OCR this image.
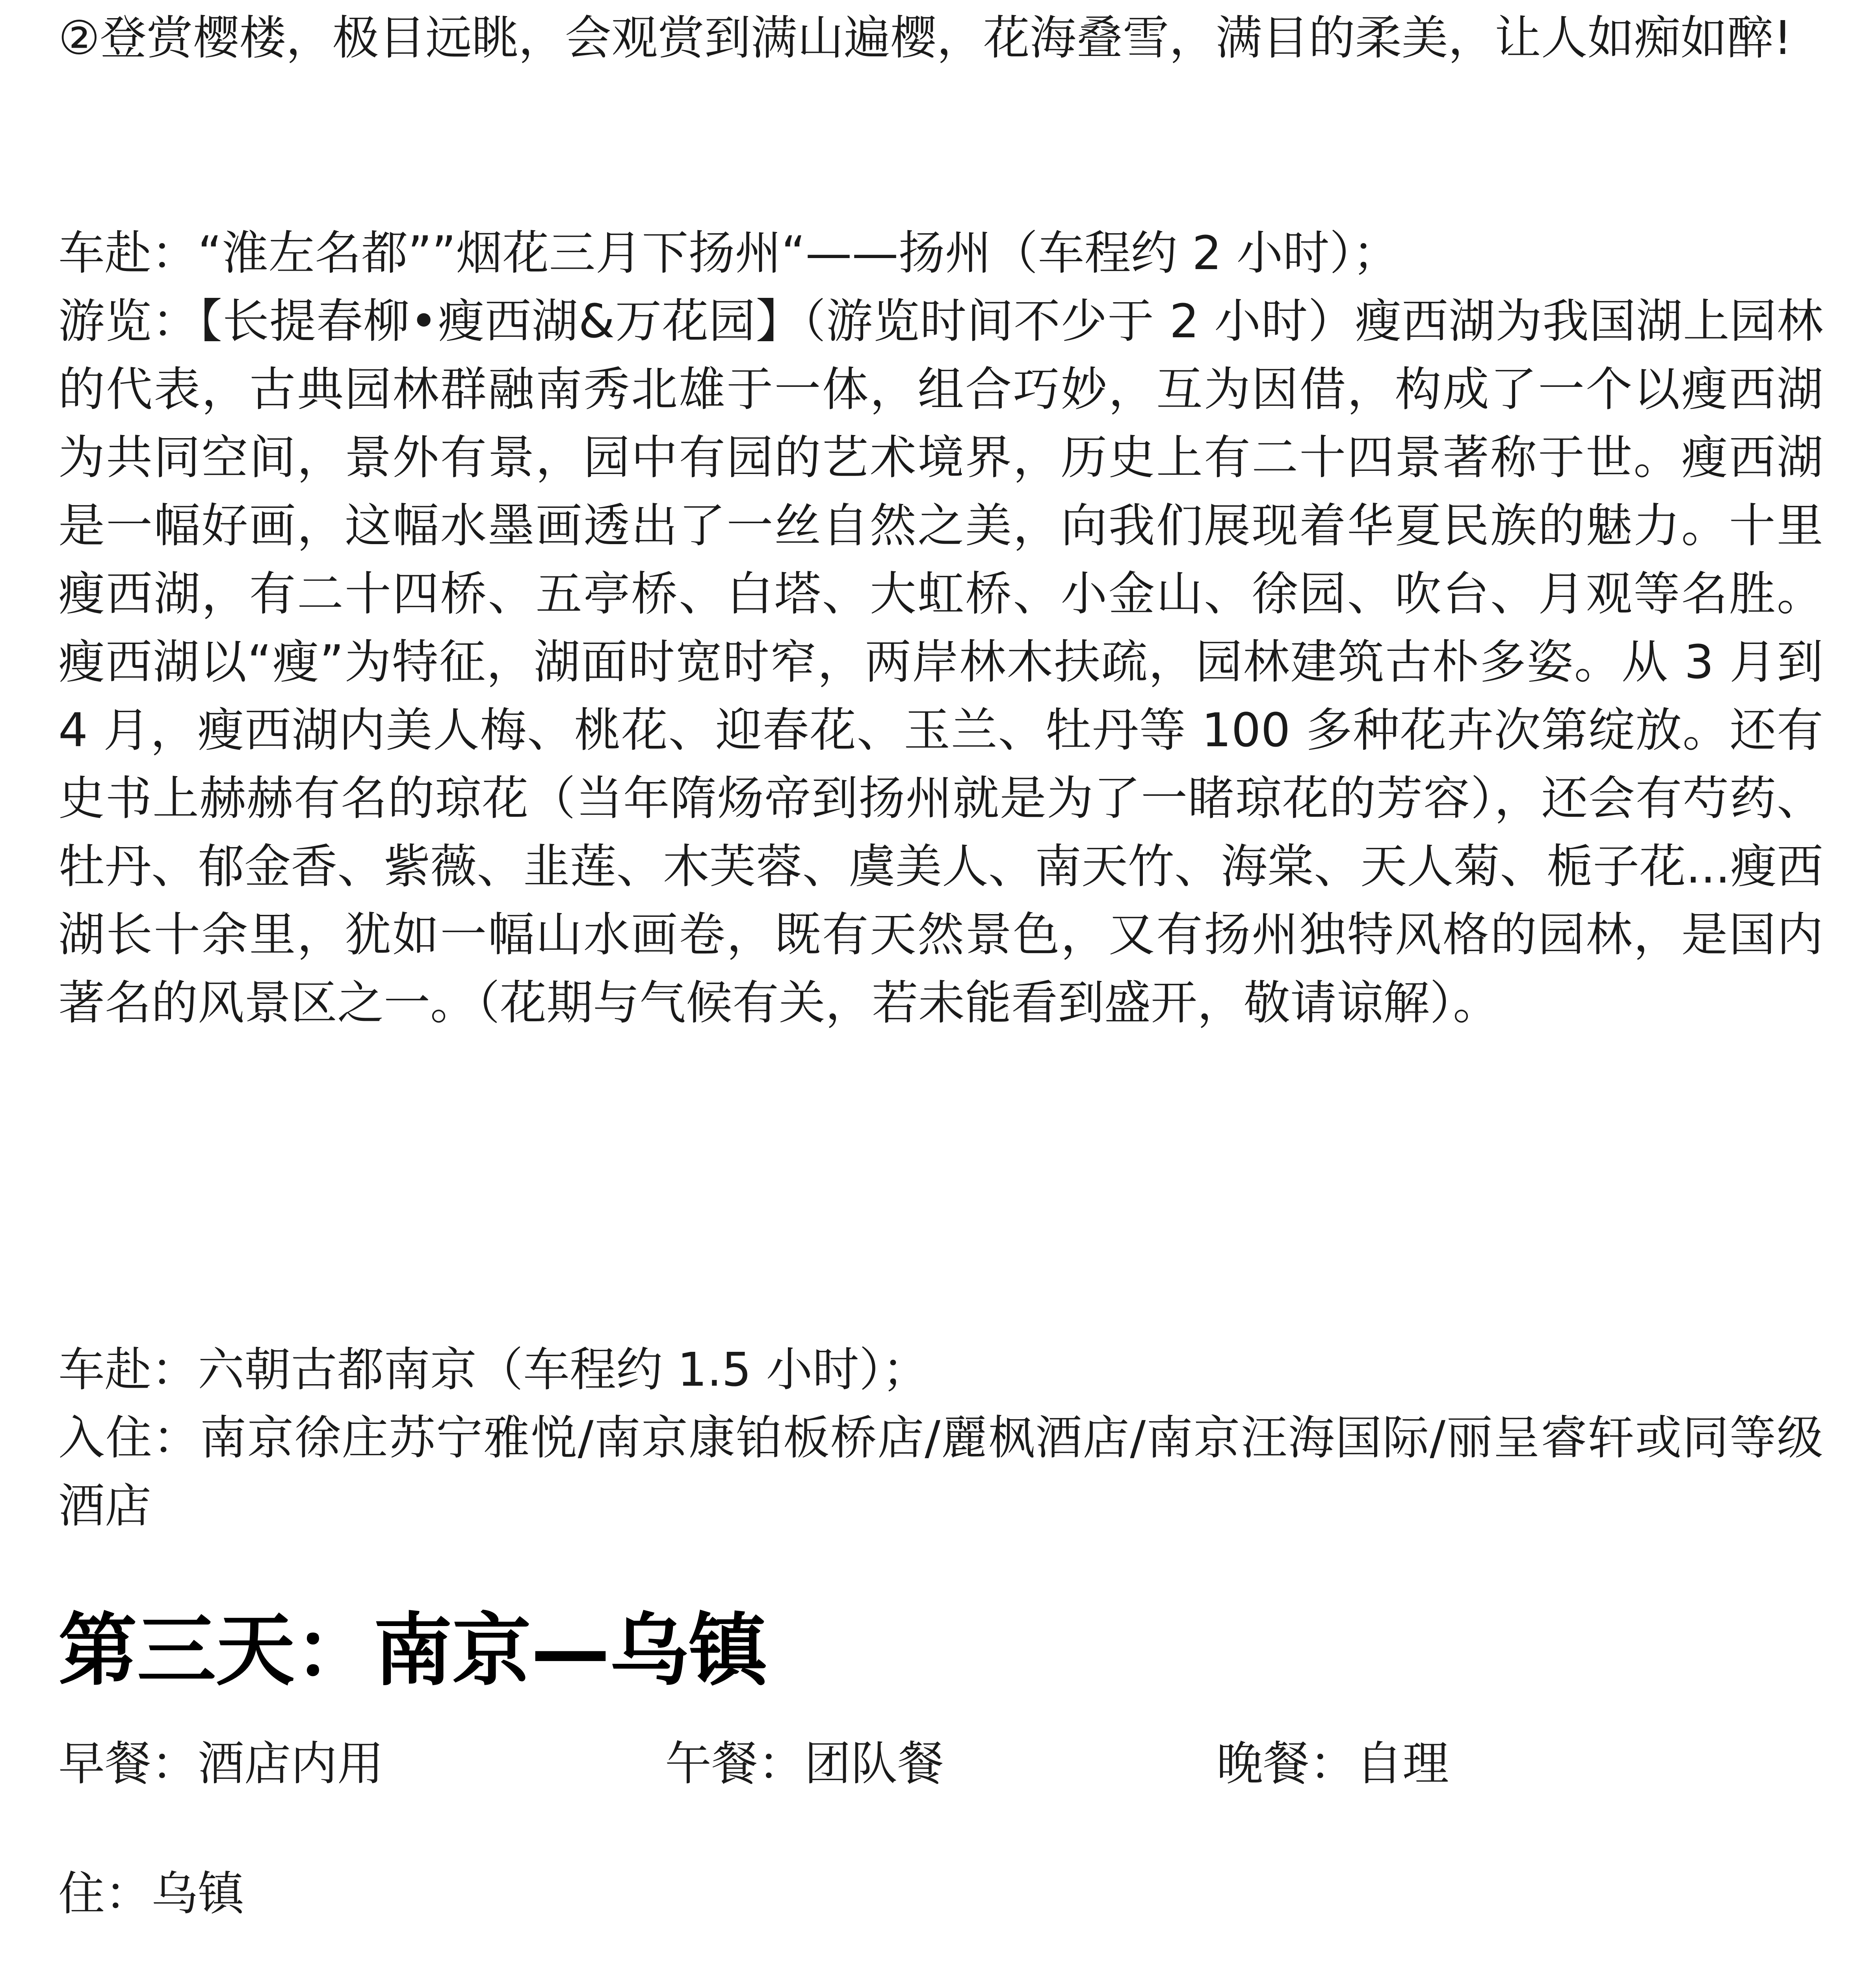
②登赏樱楼，极目远眺，会观赏到满山遍樱，花海叠雪，满目的柔美，让人如痴如醉!

车赴：“淮左名都””烟花三月下扬州“——扬州（车程约 2 小时）；

游览：【长提春柳•瘦西湖&万花园】（游览时间不少于 2 小时）瘦西湖为我国湖上园林的代表，古典园林群融南秀北雄于一体，组合巧妙，互为因借，构成了一个以瘦西湖为共同空间，景外有景，园中有园的艺术境界，历史上有二十四景著称于世。瘦西湖是一幅好画，这幅水墨画透出了一丝自然之美，向我们展现着华夏民族的魅力。十里瘦西湖，有二十四桥、五亭桥、白塔、大虹桥、小金山、徐园、吹台、月观等名胜。瘦西湖以“瘦”为特征，湖面时宽时窄，两岸林木扶疏，园林建筑古朴多姿。从 3 月到 4 月，瘦西湖内美人梅、桃花、迎春花、玉兰、牡丹等 100 多种花卉次第绽放。还有史书上赫赫有名的琼花（当年隋炀帝到扬州就是为了一睹琼花的芳容），还会有芍药、牡丹、郁金香、紫薇、韭莲、木芙蓉、虞美人、南天竹、海棠、天人菊、栀子花...瘦西湖长十余里，犹如一幅山水画卷，既有天然景色，又有扬州独特风格的园林，是国内著名的风景区之一。（花期与气候有关，若未能看到盛开，敬请谅解）。

车赴：六朝古都南京（车程约 1.5 小时）；

入住：南京徐庄苏宁雅悦/南京康铂板桥店/麗枫酒店/南京汪海国际/丽呈睿轩或同等级酒店

第三天：南京—乌镇
早餐：酒店内用	午餐：团队餐	晚餐：自理

住：乌镇
